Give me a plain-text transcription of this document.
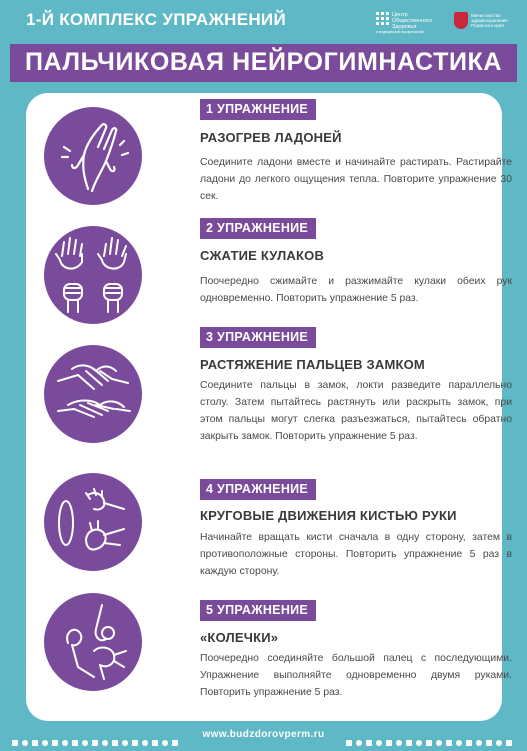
1-Й КОМПЛЕКС УПРАЖНЕНИЙ	Центр Общественного Здоровья
и медицинской профилактики
Министерство здравоохранения Пермского края
ПАЛЬЧИКОВАЯ НЕЙРОГИМНАСТИКА
1 УПРАЖНЕНИЕ
РАЗОГРЕВ ЛАДОНЕЙ
Соедините ладони вместе и начинайте растирать. Растирайте ладони до легкого ощущения тепла. Повторите упражнение 30 сек.
2 УПРАЖНЕНИЕ
СЖАТИЕ КУЛАКОВ
Поочередно сжимайте и разжимайте кулаки обеих рук одновременно. Повторить упражнение 5 раз.
3 УПРАЖНЕНИЕ
РАСТЯЖЕНИЕ ПАЛЬЦЕВ ЗАМКОМ
Соедините пальцы в замок, локти разведите параллельно столу. Затем пытайтесь растянуть или раскрыть замок, при этом пальцы могут слегка разъезжаться, пытайтесь обратно закрыть замок. Повторить упражнение 5 раз.
4 УПРАЖНЕНИЕ
КРУГОВЫЕ ДВИЖЕНИЯ КИСТЬЮ РУКИ
Начинайте вращать кисти сначала в одну сторону, затем в противоположные стороны. Повторить упражнение 5 раз в каждую сторону.
5 УПРАЖНЕНИЕ
«КОЛЕЧКИ»
Поочередно соединяйте большой палец с последующими. Упражнение выполняйте одновременно двумя руками. Повторить упражнение 5 раз.
www.budzdorovperm.ru
